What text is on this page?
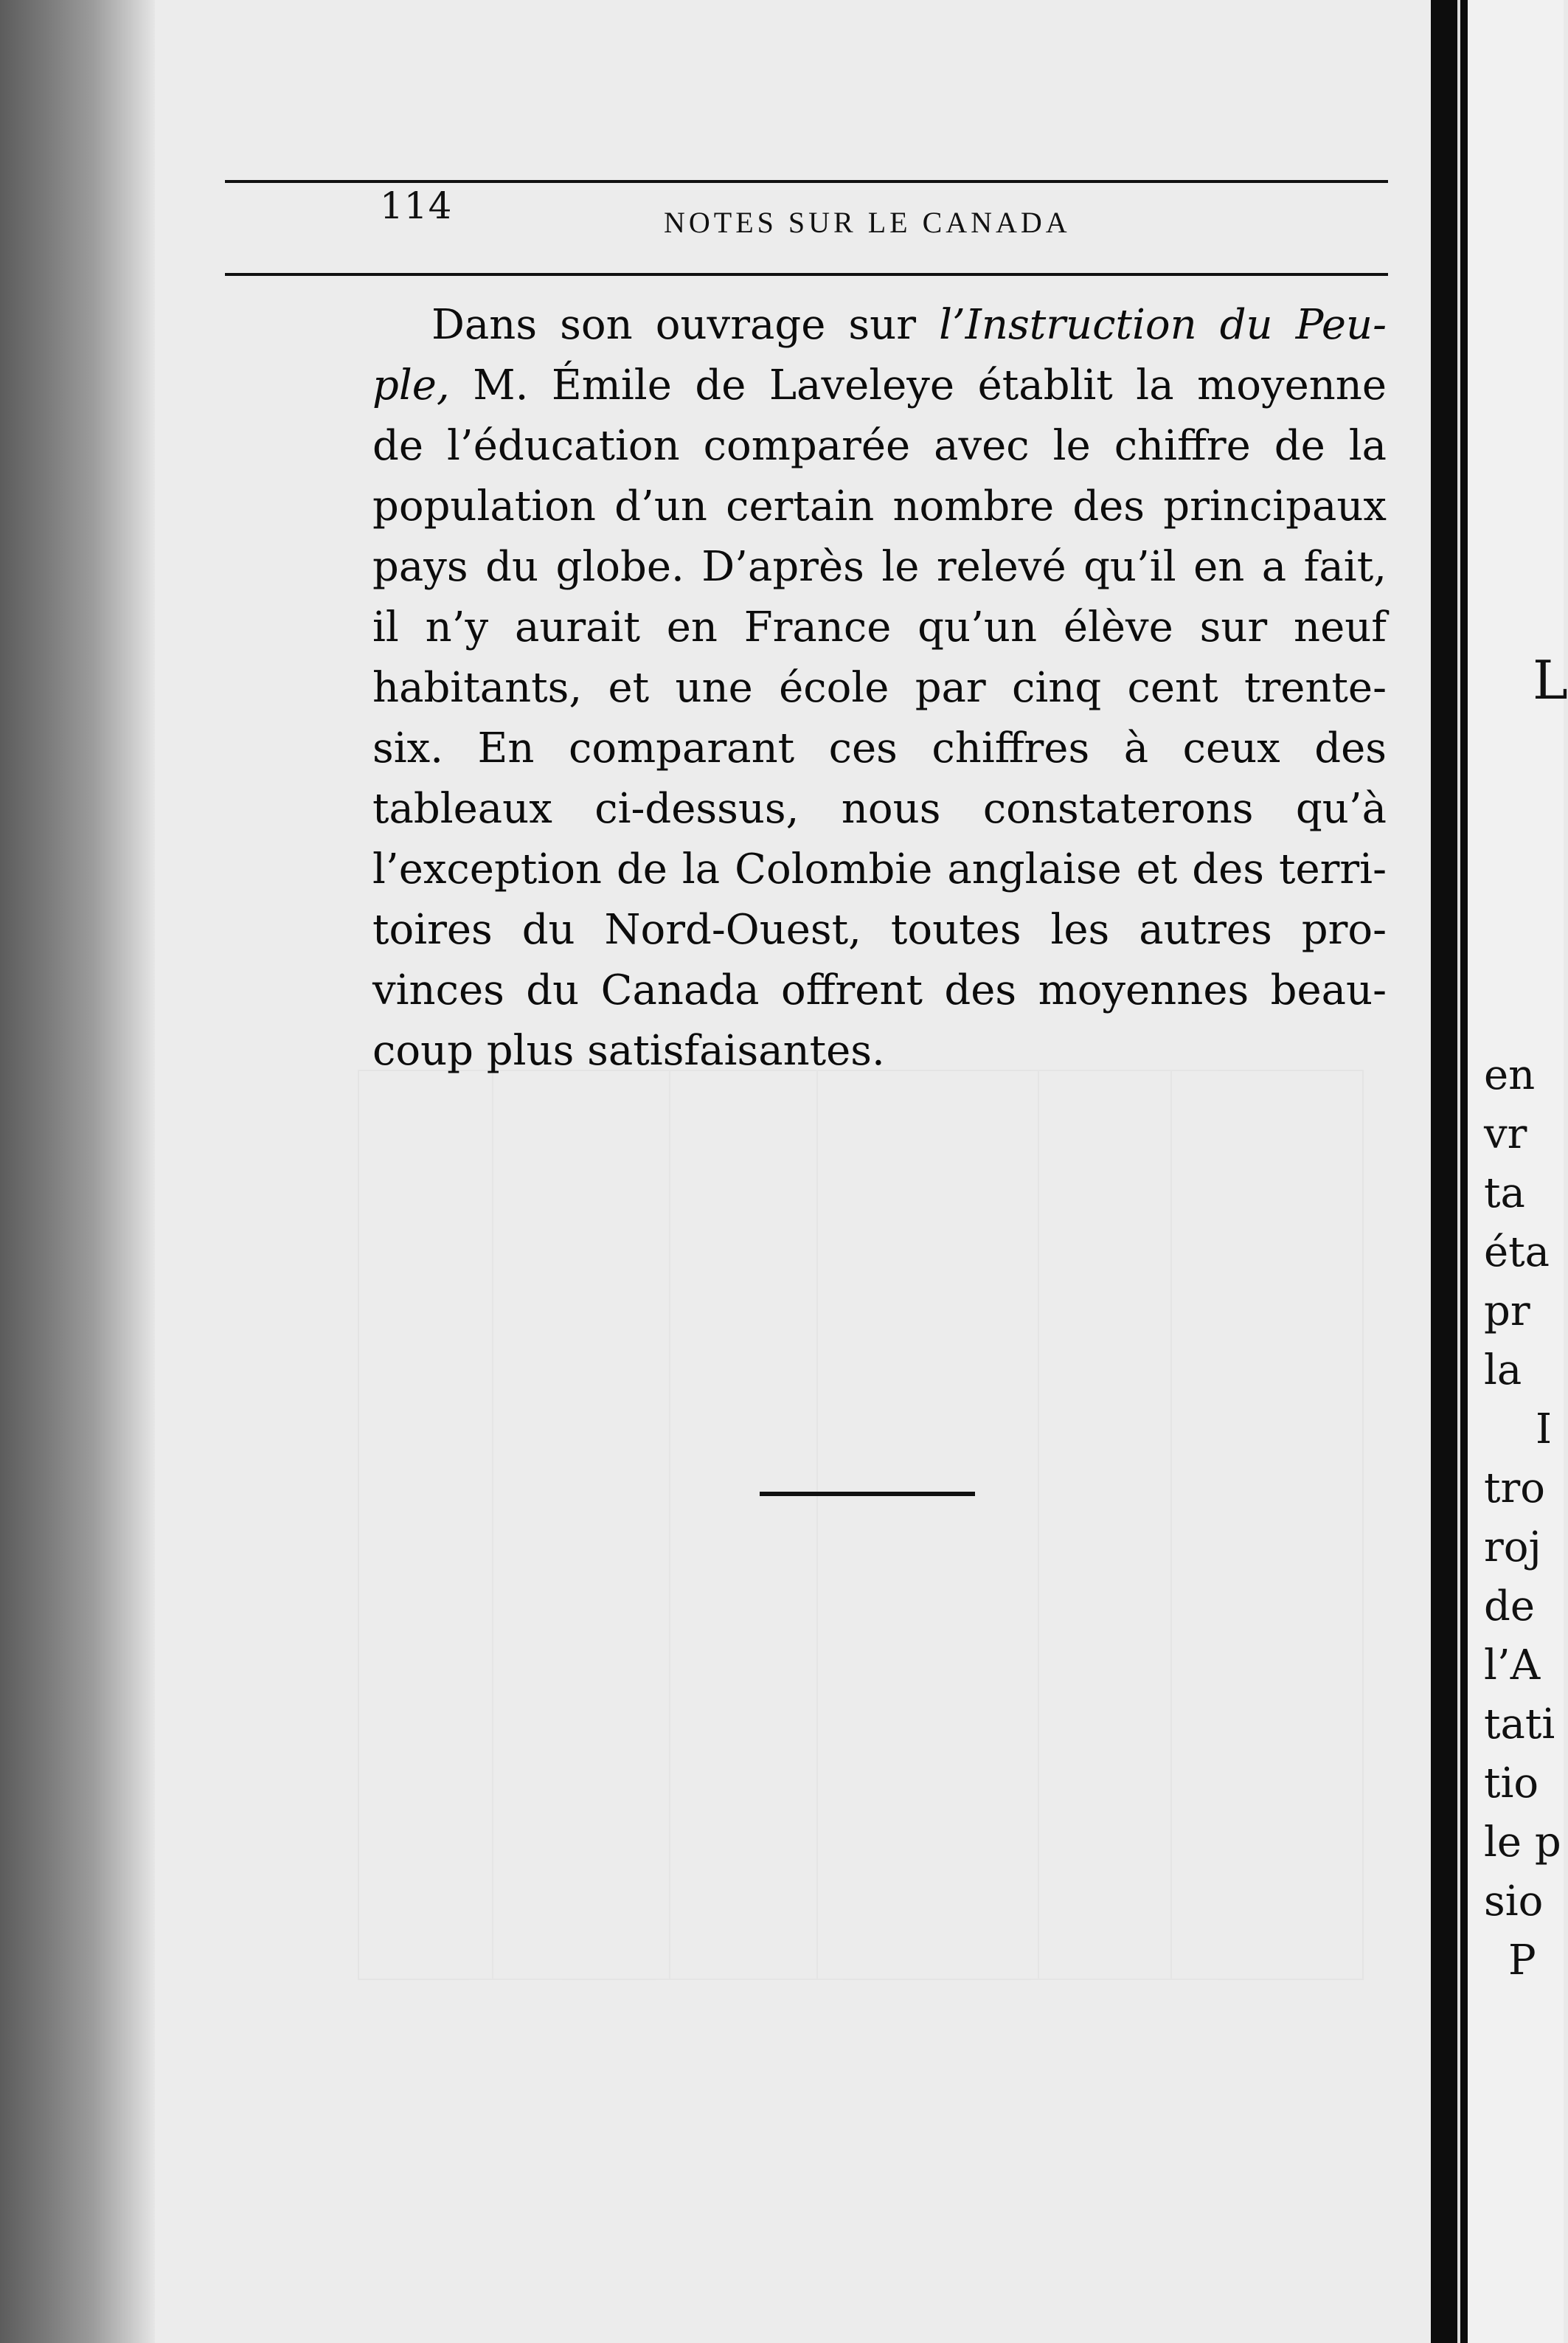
114	NOTES SUR LE CANADA
Dans son ouvrage sur l’Instruction du Peu-
ple, M. Émile de Laveleye établit la moyenne
de l’éducation comparée avec le chiffre de la
population d’un certain nombre des principaux
pays du globe. D’après le relevé qu’il en a fait,
il n’y aurait en France qu’un élève sur neuf
habitants, et une école par cinq cent trente-
six. En comparant ces chiffres à ceux des
tableaux ci-dessus, nous constaterons qu’à
l’exception de la Colombie anglaise et des terri-
toires du Nord-Ouest, toutes les autres pro-
vinces du Canada offrent des moyennes beau-
coup plus satisfaisantes.
L
en
vr
ta
éta
pr
la
I
tro
roj
de
l’A
tati
tio
le p
sio
P
